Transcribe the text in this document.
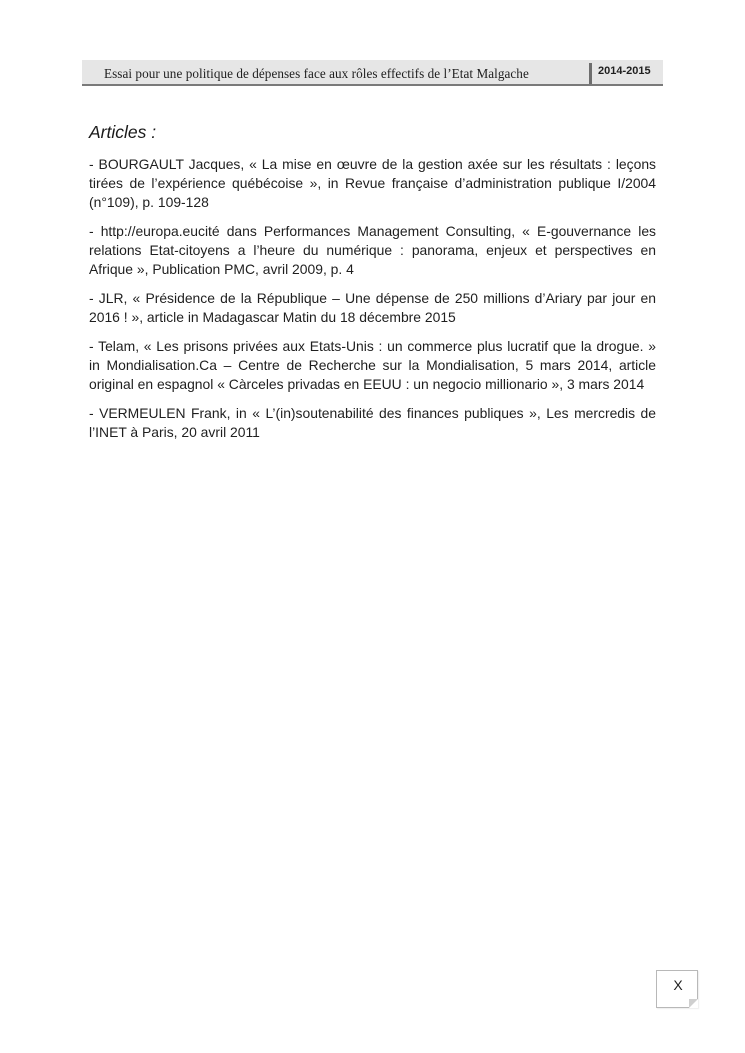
Essai pour une politique de dépenses face aux rôles effectifs de l’Etat Malgache	2014-2015
Articles :

- BOURGAULT Jacques, « La mise en œuvre de la gestion axée sur les résultats : leçons tirées de l’expérience québécoise », in Revue française d’administration publique I/2004 (n°109), p. 109-128

- http://europa.eucité dans Performances Management Consulting, « E-gouvernance les relations Etat-citoyens a l’heure du numérique : panorama, enjeux et perspectives en Afrique », Publication PMC, avril 2009, p. 4

- JLR, « Présidence de la République – Une dépense de 250 millions d’Ariary par jour en 2016 ! », article in Madagascar Matin du 18 décembre 2015

- Telam, « Les prisons privées aux Etats-Unis : un commerce plus lucratif que la drogue. » in Mondialisation.Ca – Centre de Recherche sur la Mondialisation, 5 mars 2014, article original en espagnol « Càrceles privadas en EEUU : un negocio millionario », 3 mars 2014

- VERMEULEN Frank, in « L’(in)soutenabilité des finances publiques », Les mercredis de l’INET à Paris, 20 avril 2011

X
